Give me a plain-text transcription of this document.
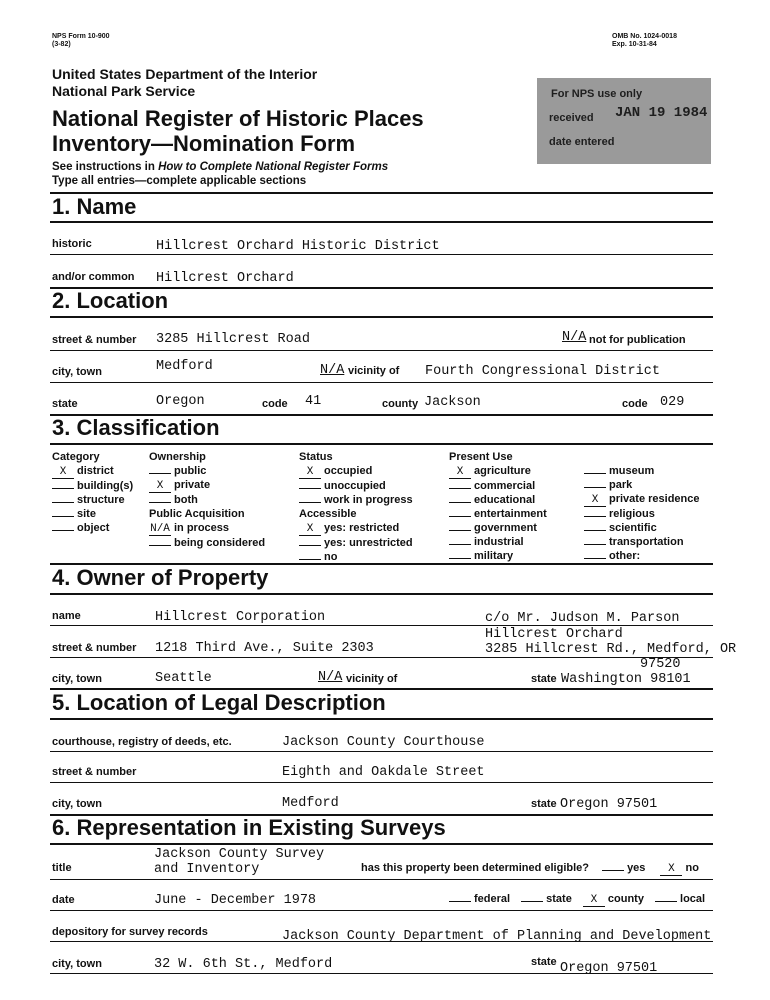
NPS Form 10-900
(3-82)
OMB No. 1024-0018
Exp. 10-31-84
United States Department of the Interior
National Park Service
National Register of Historic Places
Inventory—Nomination Form
See instructions in How to Complete National Register Forms
Type all entries—complete applicable sections
For NPS use only
received JAN 19 1984
date entered
1. Name
historic	Hillcrest Orchard Historic District
and/or common Hillcrest Orchard
2. Location
street & number 3285 Hillcrest Road	N/A not for publication
city, town	Medford	N/A vicinity of Fourth Congressional District
state	Oregon	code 41	county Jackson	code 029
3. Classification
Category
X district
building(s)
structure
site
object
Ownership
public
X private
both
Public Acquisition
N/A in process
being considered
Status
X occupied
unoccupied
work in progress
Accessible
X yes: restricted
yes: unrestricted
no
Present Use
X agriculture
commercial
educational
entertainment
government
industrial
military
museum
park
X private residence
religious
scientific
transportation
other:
4. Owner of Property
name	Hillcrest Corporation	c/o Mr. Judson M. Parson
Hillcrest Orchard
street & number 1218 Third Ave., Suite 2303	3285 Hillcrest Rd., Medford, OR
97520
city, town	Seattle	N/A vicinity of	state Washington 98101
5. Location of Legal Description
courthouse, registry of deeds, etc.	Jackson County Courthouse
street & number	Eighth and Oakdale Street
city, town	Medford	state Oregon 97501
6. Representation in Existing Surveys
title
Jackson County Survey
and Inventory	has this property been determined eligible?	yes X no
date	June - December 1978	federal	state X county	local
depository for survey records	Jackson County Department of Planning and Development
city, town	32 W. 6th St., Medford	state Oregon 97501
